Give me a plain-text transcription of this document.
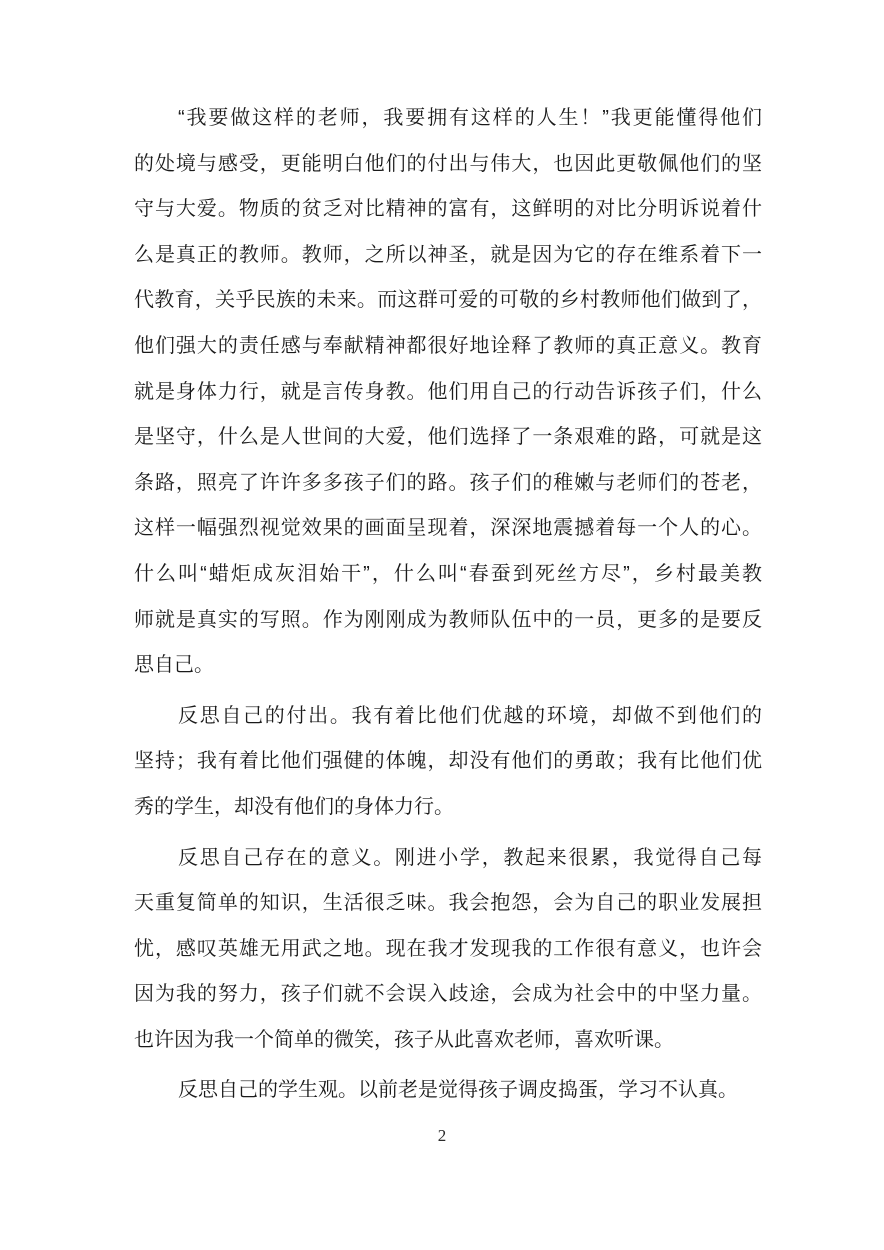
“我要做这样的老师，我要拥有这样的人生！”我更能懂得他们
的处境与感受，更能明白他们的付出与伟大，也因此更敬佩他们的坚
守与大爱。物质的贫乏对比精神的富有，这鲜明的对比分明诉说着什
么是真正的教师。教师，之所以神圣，就是因为它的存在维系着下一
代教育，关乎民族的未来。而这群可爱的可敬的乡村教师他们做到了，
他们强大的责任感与奉献精神都很好地诠释了教师的真正意义。教育
就是身体力行，就是言传身教。他们用自己的行动告诉孩子们，什么
是坚守，什么是人世间的大爱，他们选择了一条艰难的路，可就是这
条路，照亮了许许多多孩子们的路。孩子们的稚嫩与老师们的苍老，
这样一幅强烈视觉效果的画面呈现着，深深地震撼着每一个人的心。
什么叫“蜡炬成灰泪始干”，什么叫“春蚕到死丝方尽”，乡村最美教
师就是真实的写照。作为刚刚成为教师队伍中的一员，更多的是要反
思自己。
反思自己的付出。我有着比他们优越的环境，却做不到他们的
坚持；我有着比他们强健的体魄，却没有他们的勇敢；我有比他们优
秀的学生，却没有他们的身体力行。
反思自己存在的意义。刚进小学，教起来很累，我觉得自己每
天重复简单的知识，生活很乏味。我会抱怨，会为自己的职业发展担
忧，感叹英雄无用武之地。现在我才发现我的工作很有意义，也许会
因为我的努力，孩子们就不会误入歧途，会成为社会中的中坚力量。
也许因为我一个简单的微笑，孩子从此喜欢老师，喜欢听课。
反思自己的学生观。以前老是觉得孩子调皮捣蛋，学习不认真。
2
